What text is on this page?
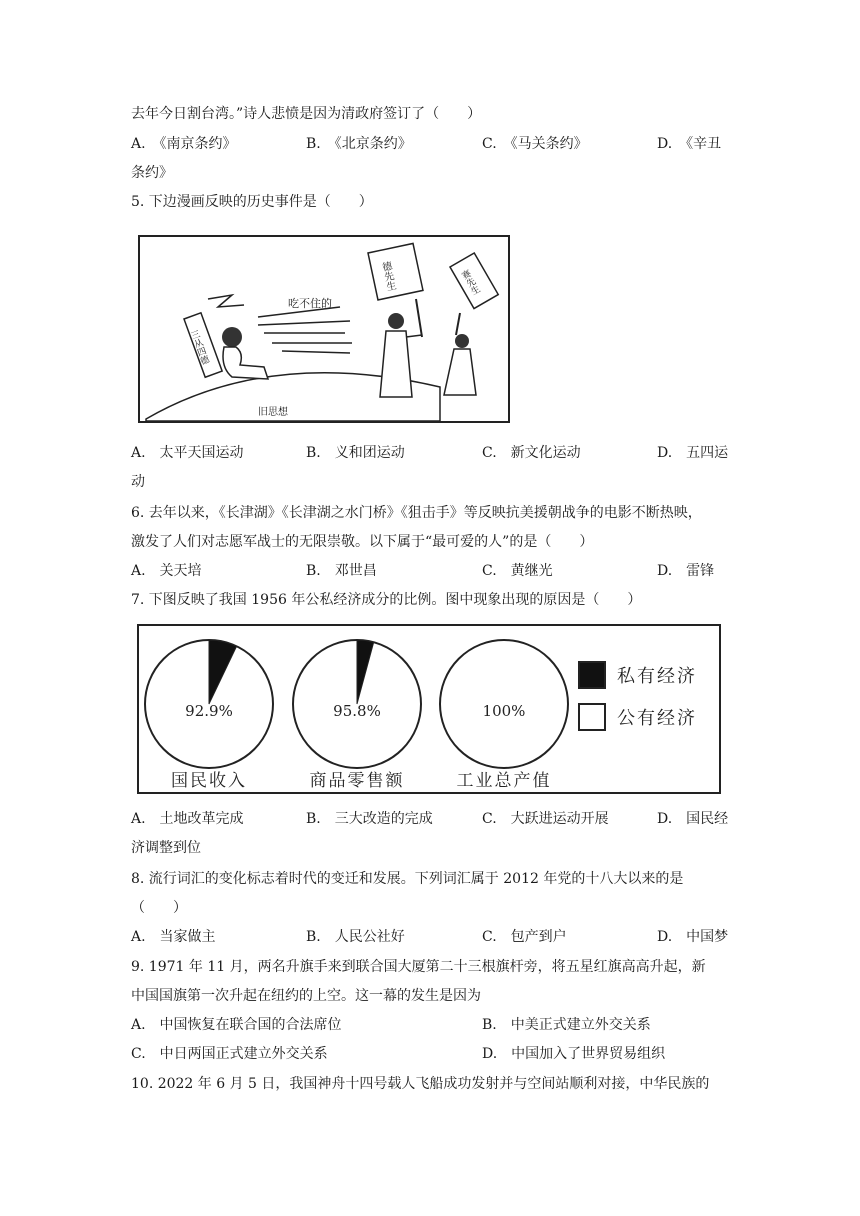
去年今日割台湾。”诗人悲愤是因为清政府签订了（　　）
A.　《南京条约》	B.　《北京条约》	C.　《马关条约》	D.　《辛丑
条约》
5. 下边漫画反映的历史事件是（　　）
旧思想
三从四德
吃不住的
德先生	赛先生
A.　太平天国运动	B.　义和团运动	C.　新文化运动	D.　五四运
动
6. 去年以来，《长津湖》《长津湖之水门桥》《狙击手》等反映抗美援朝战争的电影不断热映，
激发了人们对志愿军战士的无限崇敬。以下属于“最可爱的人”的是（　　）
A.　关天培	B.　邓世昌	C.　黄继光	D.　雷锋
7. 下图反映了我国 1956 年公私经济成分的比例。图中现象出现的原因是（　　）
92.9%
国民收入
95.8%
商品零售额
100%
工业总产值
私有经济
公有经济
A.　土地改革完成	B.　三大改造的完成	C.　大跃进运动开展	D.　国民经
济调整到位
8. 流行词汇的变化标志着时代的变迁和发展。下列词汇属于 2012 年党的十八大以来的是
（　　）
A.　当家做主	B.　人民公社好	C.　包产到户	D.　中国梦
9. 1971 年 11 月，两名升旗手来到联合国大厦第二十三根旗杆旁，将五星红旗高高升起，新
中国国旗第一次升起在纽约的上空。这一幕的发生是因为
A.　中国恢复在联合国的合法席位	B.　中美正式建立外交关系
C.　中日两国正式建立外交关系	D.　中国加入了世界贸易组织
10. 2022 年 6 月 5 日，我国神舟十四号载人飞船成功发射并与空间站顺利对接，中华民族的
